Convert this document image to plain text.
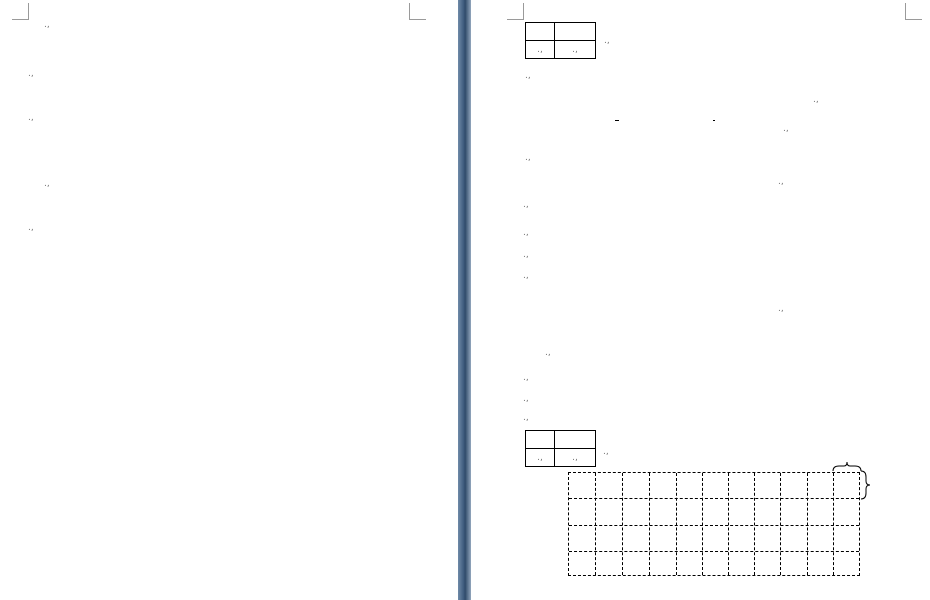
.,
.,
.,
.,
.,

.,	.,
.,
.,
.,
.,
.,
.,
.,
.,
.,
.,
.,
.,
.,
.,
.,

.,	.,
.,
